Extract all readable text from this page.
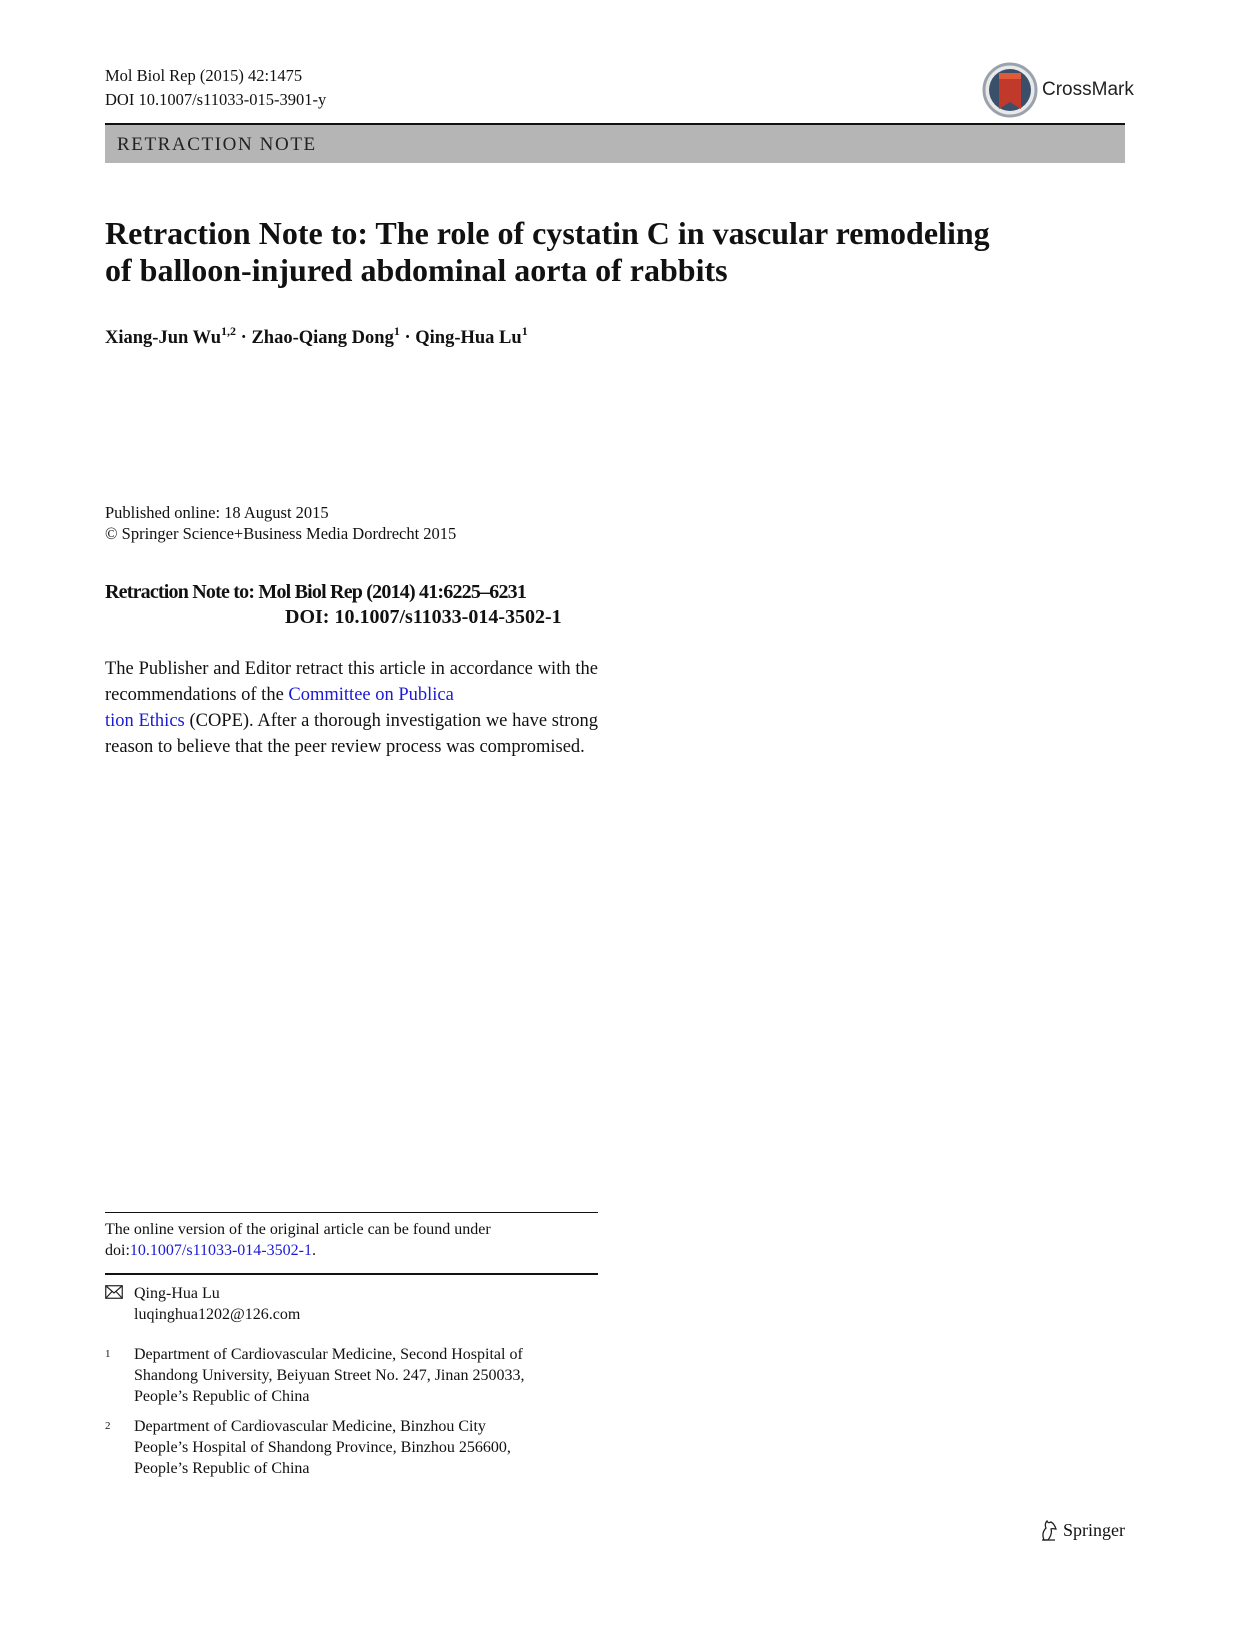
Mol Biol Rep (2015) 42:1475
DOI 10.1007/s11033-015-3901-y	CrossMark
RETRACTION NOTE
Retraction Note to: The role of cystatin C in vascular remodeling
of balloon-injured abdominal aorta of rabbits
Xiang-Jun Wu$^{1,2}$ · Zhao-Qiang Dong$^1$ · Qing-Hua Lu$^1$
Published online: 18 August 2015
© Springer Science+Business Media Dordrecht 2015
Retraction Note to: Mol Biol Rep (2014) 41:6225–6231
DOI: 10.1007/s11033-014-3502-1
The Publisher and Editor retract this article in accordance with the recommendations of the Committee on Publica
tion Ethics (COPE). After a thorough investigation we have strong reason to believe that the peer review process was compromised.
The online version of the original article can be found under
doi:10.1007/s11033-014-3502-1.
Qing-Hua Lu
luqinghua1202@126.com
1 Department of Cardiovascular Medicine, Second Hospital of
Shandong University, Beiyuan Street No. 247, Jinan 250033,
People’s Republic of China
2 Department of Cardiovascular Medicine, Binzhou City
People’s Hospital of Shandong Province, Binzhou 256600,
People’s Republic of China
Springer
